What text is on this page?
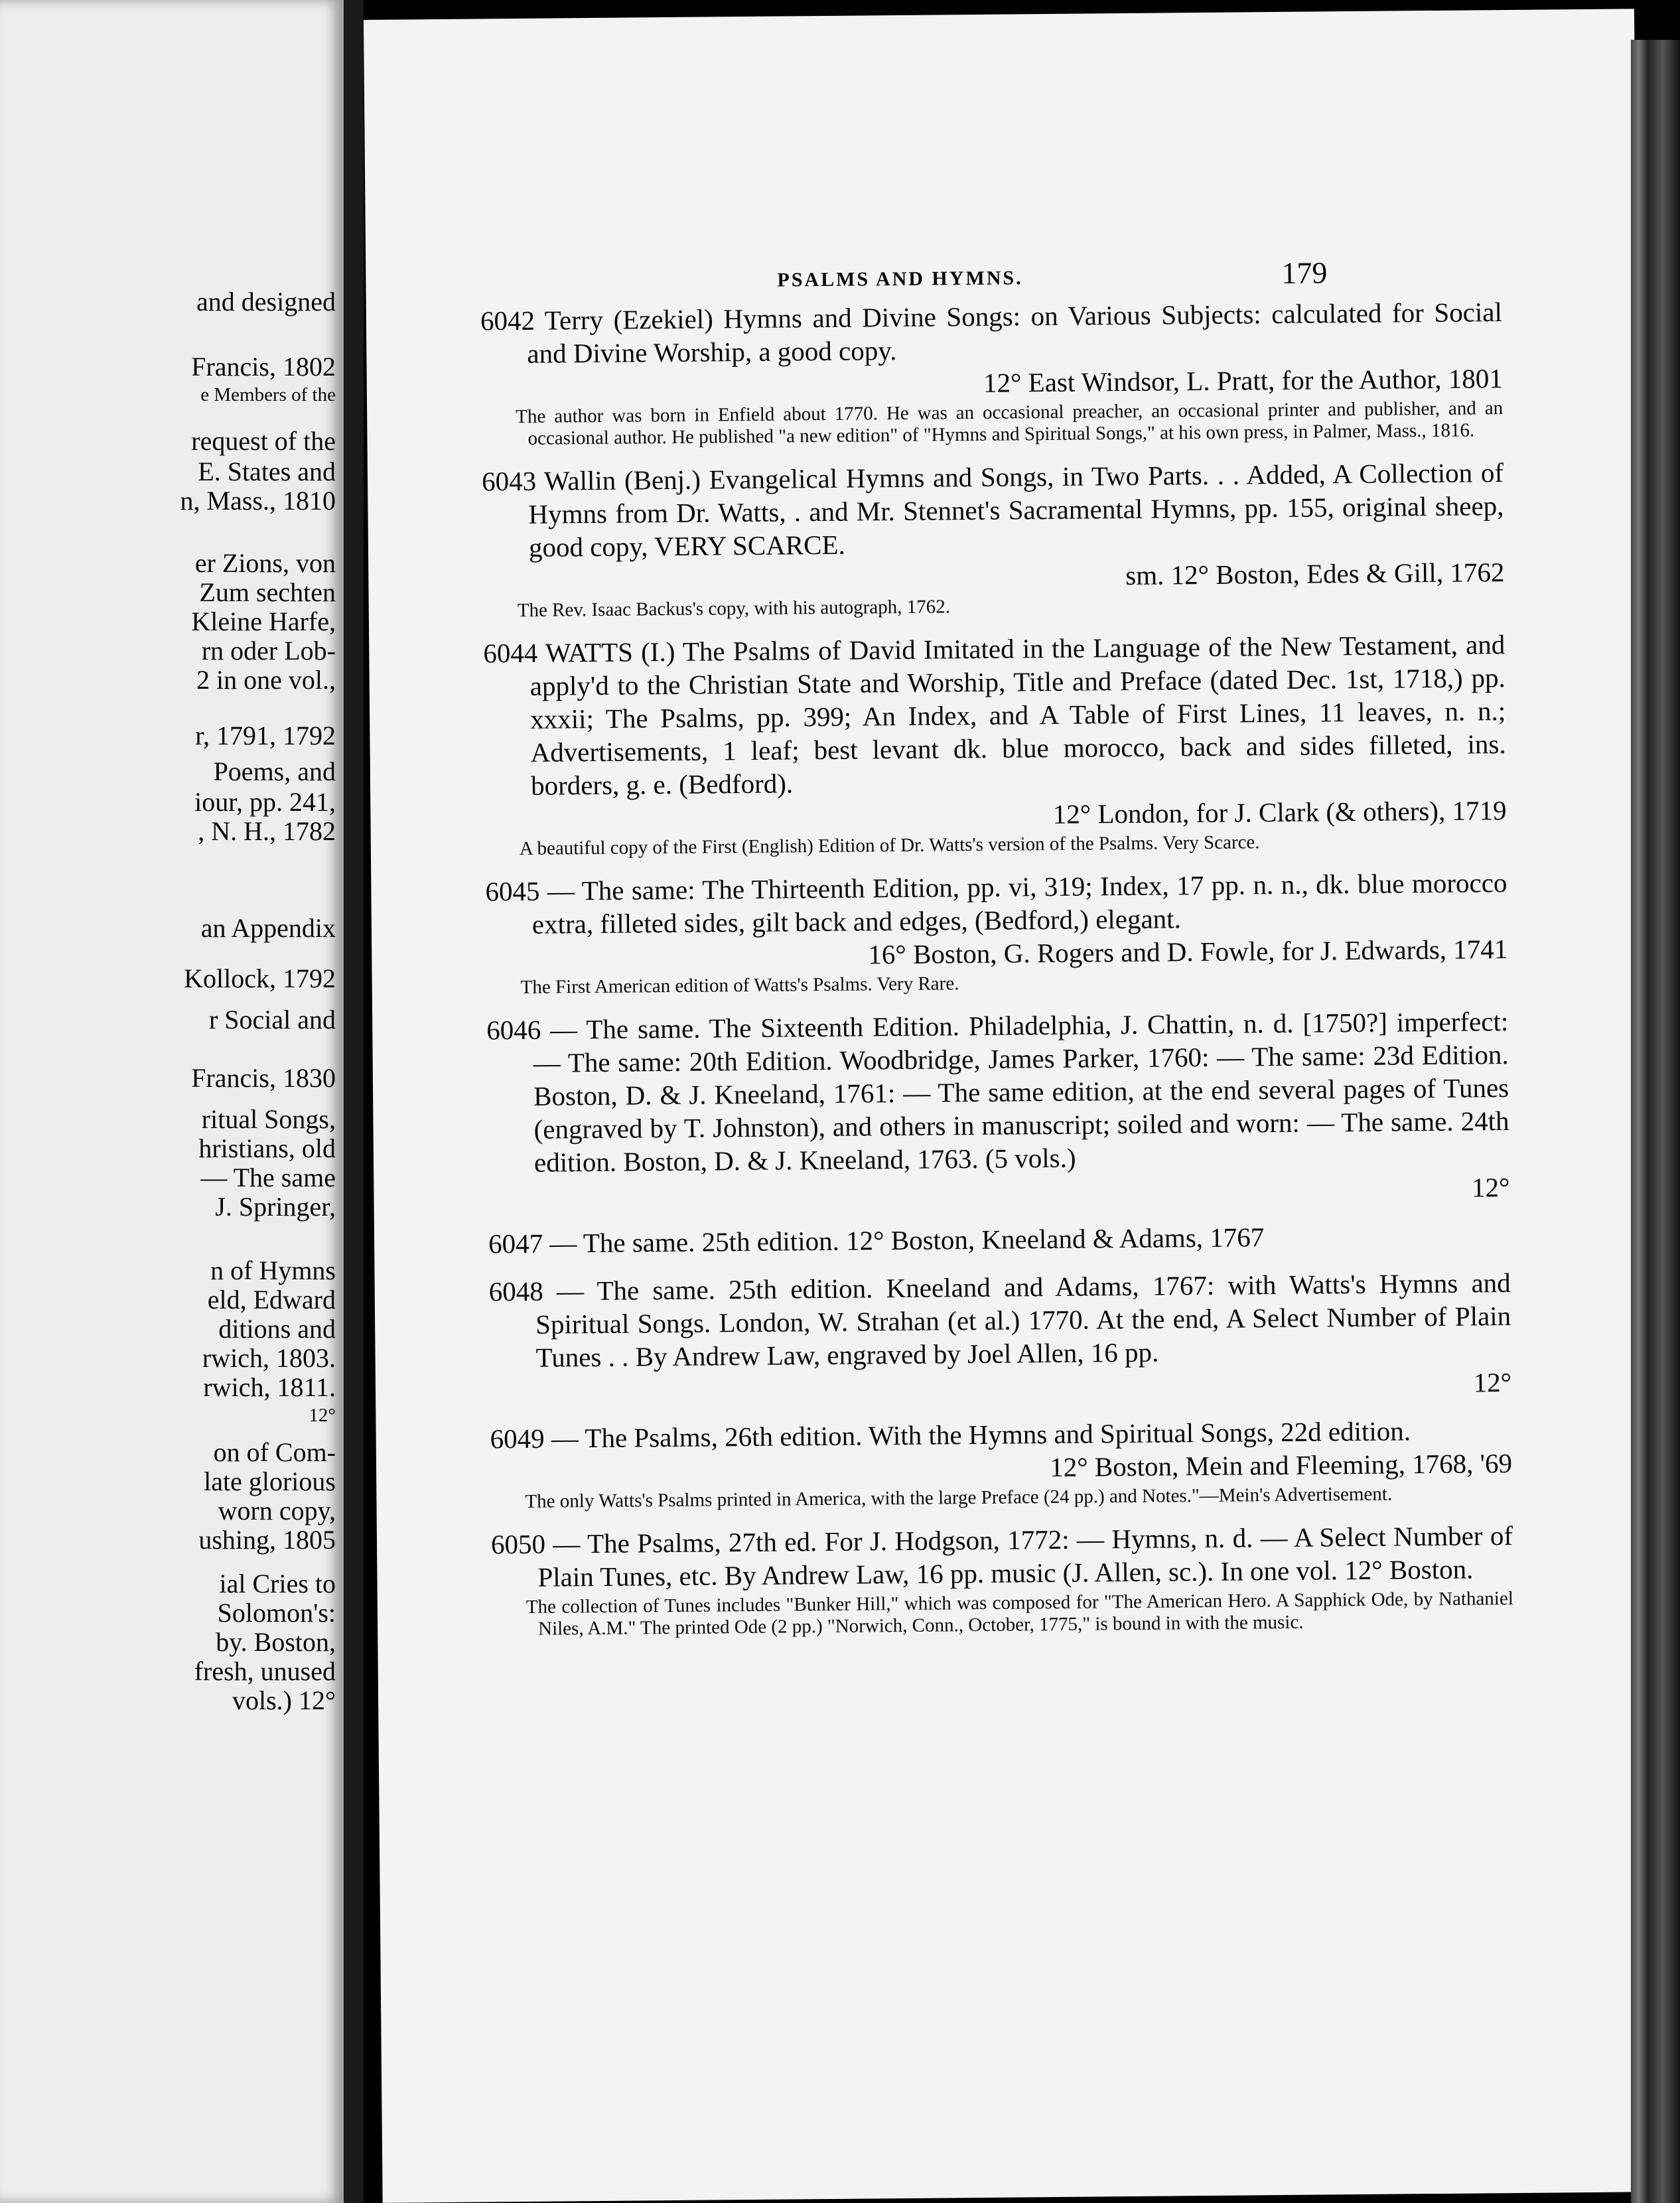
and designed
Francis, 1802
e Members of the
request of the
E. States and
n, Mass., 1810
er Zions, von
Zum sechten
Kleine Harfe,
rn oder Lob-
2 in one vol.,
r, 1791, 1792
Poems, and
iour, pp. 241,
, N. H., 1782
an Appendix
Kollock, 1792
r Social and
Francis, 1830
ritual Songs,
hristians, old
— The same
J. Springer,
n of Hymns
eld, Edward
ditions and
rwich, 1803.
rwich, 1811.
12°
on of Com-
late glorious
worn copy,
ushing, 1805
ial Cries to
Solomon's:
by. Boston,
fresh, unused
vols.) 12°
PSALMS AND HYMNS.	179
6042 Terry (Ezekiel) Hymns and Divine Songs: on Various Subjects: calculated for Social and Divine Worship, a good copy.
12° East Windsor, L. Pratt, for the Author, 1801
The author was born in Enfield about 1770. He was an occasional preacher, an occasional printer and publisher, and an occasional author. He published "a new edition" of "Hymns and Spiritual Songs," at his own press, in Palmer, Mass., 1816.
6043 Wallin (Benj.) Evangelical Hymns and Songs, in Two Parts. . . Added, A Collection of Hymns from Dr. Watts, . and Mr. Stennet's Sacramental Hymns, pp. 155, original sheep, good copy, VERY SCARCE.
sm. 12° Boston, Edes & Gill, 1762
The Rev. Isaac Backus's copy, with his autograph, 1762.
6044 WATTS (I.) The Psalms of David Imitated in the Language of the New Testament, and apply'd to the Christian State and Worship, Title and Preface (dated Dec. 1st, 1718,) pp. xxxii; The Psalms, pp. 399; An Index, and A Table of First Lines, 11 leaves, n. n.; Advertisements, 1 leaf; best levant dk. blue morocco, back and sides filleted, ins. borders, g. e. (Bedford).
12° London, for J. Clark (& others), 1719
A beautiful copy of the First (English) Edition of Dr. Watts's version of the Psalms. Very Scarce.
6045 — The same: The Thirteenth Edition, pp. vi, 319; Index, 17 pp. n. n., dk. blue morocco extra, filleted sides, gilt back and edges, (Bedford,) elegant.
16° Boston, G. Rogers and D. Fowle, for J. Edwards, 1741
The First American edition of Watts's Psalms. Very Rare.
6046 — The same. The Sixteenth Edition. Philadelphia, J. Chattin, n. d. [1750?] imperfect: — The same: 20th Edition. Woodbridge, James Parker, 1760: — The same: 23d Edition. Boston, D. & J. Kneeland, 1761: — The same edition, at the end several pages of Tunes (engraved by T. Johnston), and others in manuscript; soiled and worn: — The same. 24th edition. Boston, D. & J. Kneeland, 1763. (5 vols.)
12°
6047 — The same. 25th edition. 12° Boston, Kneeland & Adams, 1767
6048 — The same. 25th edition. Kneeland and Adams, 1767: with Watts's Hymns and Spiritual Songs. London, W. Strahan (et al.) 1770. At the end, A Select Number of Plain Tunes . . By Andrew Law, engraved by Joel Allen, 16 pp.
12°
6049 — The Psalms, 26th edition. With the Hymns and Spiritual Songs, 22d edition.
12° Boston, Mein and Fleeming, 1768, '69
The only Watts's Psalms printed in America, with the large Preface (24 pp.) and Notes."—Mein's Advertisement.
6050 — The Psalms, 27th ed. For J. Hodgson, 1772: — Hymns, n. d. — A Select Number of Plain Tunes, etc. By Andrew Law, 16 pp. music (J. Allen, sc.). In one vol. 12° Boston.
The collection of Tunes includes "Bunker Hill," which was composed for "The American Hero. A Sapphick Ode, by Nathaniel Niles, A.M." The printed Ode (2 pp.) "Norwich, Conn., October, 1775," is bound in with the music.
